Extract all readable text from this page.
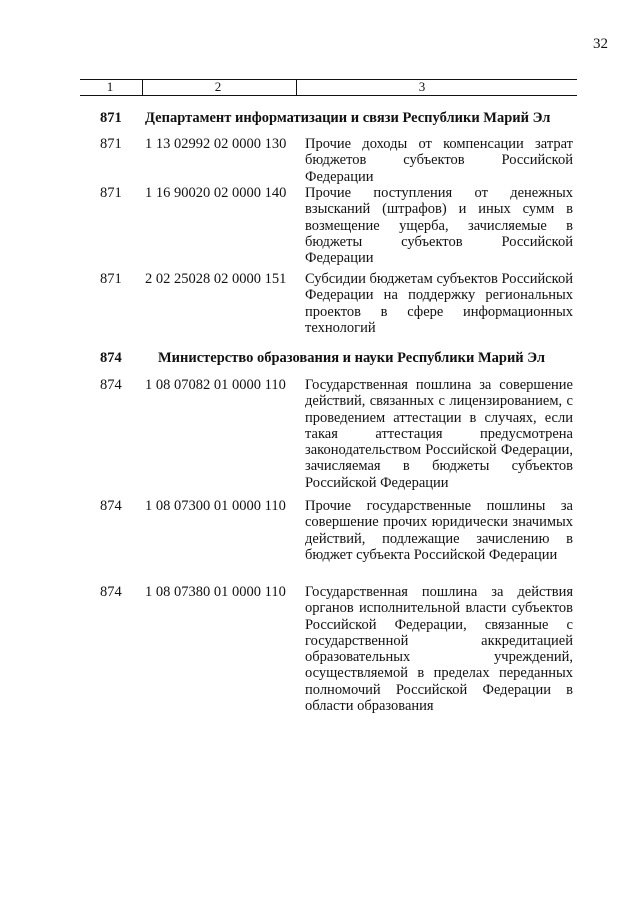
32
1	2	3
871 Департамент информатизации и связи Республики Марий Эл
871	1 13 02992 02 0000 130	Прочие доходы от компенсации затрат бюджетов субъектов Российской Федерации
871	1 16 90020 02 0000 140	Прочие поступления от денежных взысканий (штрафов) и иных сумм в возмещение ущерба, зачисляемые в бюджеты субъектов Российской Федерации
871	2 02 25028 02 0000 151	Субсидии бюджетам субъектов Российской Федерации на поддержку региональных проектов в сфере информационных технологий
874	Министерство образования и науки Республики Марий Эл
874	1 08 07082 01 0000 110	Государственная пошлина за совершение действий, связанных с лицензированием, с проведением аттестации в случаях, если такая аттестация предусмотрена законодательством Российской Федерации, зачисляемая в бюджеты субъектов Российской Федерации
874	1 08 07300 01 0000 110	Прочие государственные пошлины за совершение прочих юридически значимых действий, подлежащие зачислению в бюджет субъекта Российской Федерации
874	1 08 07380 01 0000 110	Государственная пошлина за действия органов исполнительной власти субъектов Российской Федерации, связанные с государственной аккредитацией образовательных учреждений, осуществляемой в пределах переданных полномочий Российской Федерации в области образования
